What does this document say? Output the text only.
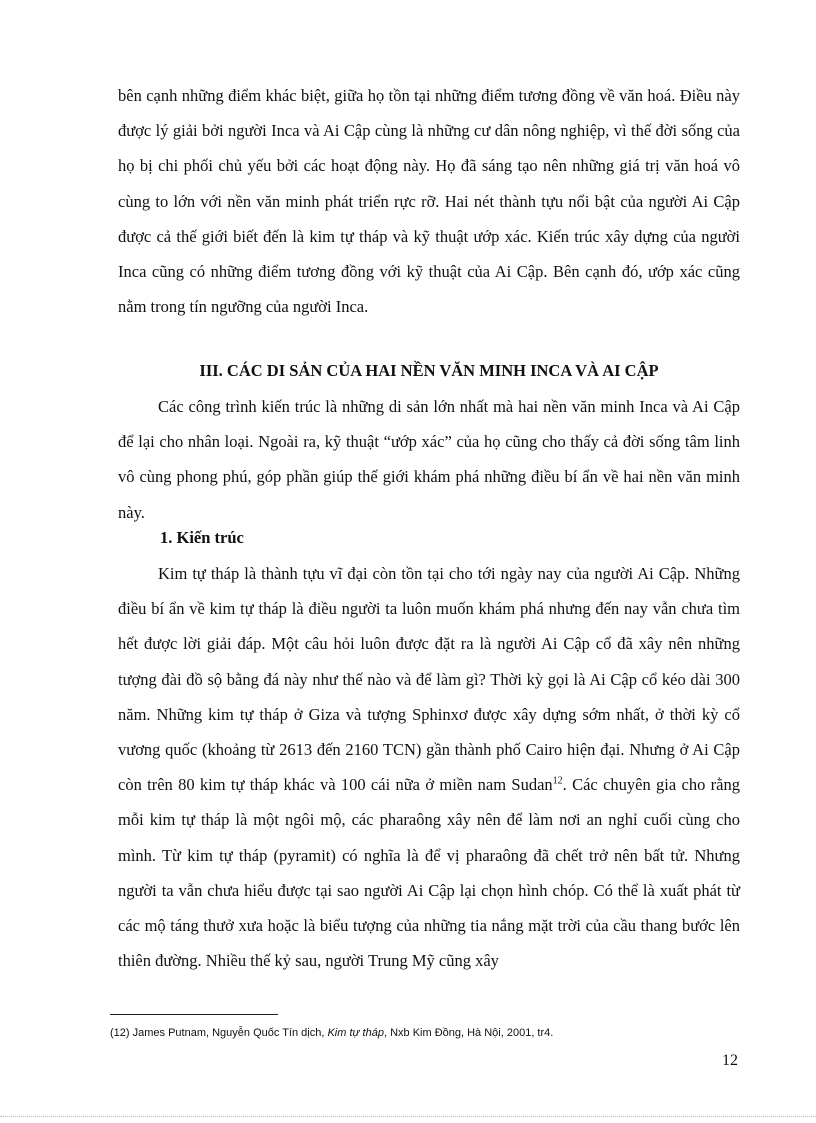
bên cạnh những điểm khác biệt, giữa họ tồn tại những điểm tương đồng về văn hoá. Điều này được lý giải bởi người Inca và Ai Cập cùng là những cư dân nông nghiệp, vì thế đời sống của họ bị chi phối chủ yếu bởi các hoạt động này. Họ đã sáng tạo nên những giá trị văn hoá vô cùng to lớn với nền văn minh phát triển rực rỡ. Hai nét thành tựu nổi bật của người Ai Cập được cả thế giới biết đến là kim tự tháp và kỹ thuật ướp xác. Kiến trúc xây dựng của người Inca cũng có những điểm tương đồng với kỹ thuật của Ai Cập. Bên cạnh đó, ướp xác cũng nằm trong tín ngưỡng của người Inca.

III. CÁC DI SẢN CỦA HAI NỀN VĂN MINH INCA VÀ AI CẬP

Các công trình kiến trúc là những di sản lớn nhất mà hai nền văn minh Inca và Ai Cập để lại cho nhân loại. Ngoài ra, kỹ thuật “ướp xác” của họ cũng cho thấy cả đời sống tâm linh vô cùng phong phú, góp phần giúp thế giới khám phá những điều bí ẩn về hai nền văn minh này.

1. Kiến trúc

Kim tự tháp là thành tựu vĩ đại còn tồn tại cho tới ngày nay của người Ai Cập. Những điều bí ẩn về kim tự tháp là điều người ta luôn muốn khám phá nhưng đến nay vẫn chưa tìm hết được lời giải đáp. Một câu hỏi luôn được đặt ra là người Ai Cập cổ đã xây nên những tượng đài đồ sộ bằng đá này như thế nào và để làm gì? Thời kỳ gọi là Ai Cập cổ kéo dài 300 năm. Những kim tự tháp ở Giza và tượng Sphinxơ được xây dựng sớm nhất, ở thời kỳ cổ vương quốc (khoảng từ 2613 đến 2160 TCN) gần thành phố Cairo hiện đại. Nhưng ở Ai Cập còn trên 80 kim tự tháp khác và 100 cái nữa ở miền nam Sudan$^{12}$. Các chuyên gia cho rằng mỗi kim tự tháp là một ngôi mộ, các pharaông xây nên để làm nơi an nghỉ cuối cùng cho mình. Từ kim tự tháp (pyramit) có nghĩa là để vị pharaông đã chết trở nên bất tử. Nhưng người ta vẫn chưa hiểu được tại sao người Ai Cập lại chọn hình chóp. Có thể là xuất phát từ các mộ táng thưở xưa hoặc là biểu tượng của những tia nắng mặt trời của cầu thang bước lên thiên đường. Nhiều thế kỷ sau, người Trung Mỹ cũng xây

(12) James Putnam, Nguyễn Quốc Tín dịch, Kim tự tháp, Nxb Kim Đồng, Hà Nội, 2001, tr4.

12
